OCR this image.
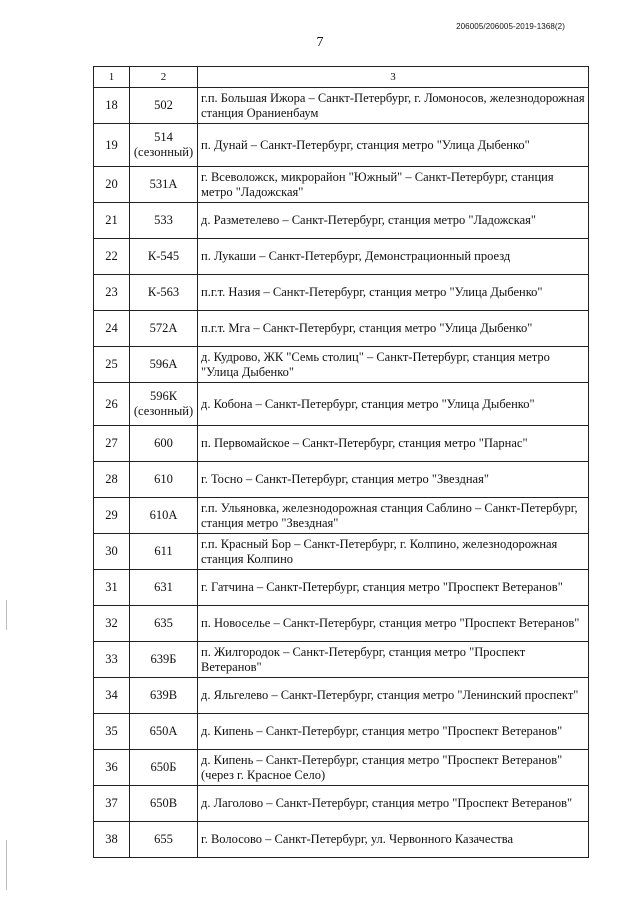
206005/206005-2019-1368(2)
7
1	2	3
18	502	г.п. Большая Ижора – Санкт-Петербург, г. Ломоносов, железнодорожная станция Ораниенбаум
19	514 (сезонный)	п. Дунай – Санкт-Петербург, станция метро "Улица Дыбенко"
20	531А	г. Всеволожск, микрорайон "Южный" – Санкт-Петербург, станция метро "Ладожская"
21	533	д. Разметелево – Санкт-Петербург, станция метро "Ладожская"
22	К-545	п. Лукаши – Санкт-Петербург, Демонстрационный проезд
23	К-563	п.г.т. Назия – Санкт-Петербург, станция метро "Улица Дыбенко"
24	572А	п.г.т. Мга – Санкт-Петербург, станция метро "Улица Дыбенко"
25	596А	д. Кудрово, ЖК "Семь столиц" – Санкт-Петербург, станция метро "Улица Дыбенко"
26	596К (сезонный)	д. Кобона – Санкт-Петербург, станция метро "Улица Дыбенко"
27	600	п. Первомайское – Санкт-Петербург, станция метро "Парнас"
28	610	г. Тосно – Санкт-Петербург, станция метро "Звездная"
29	610А	г.п. Ульяновка, железнодорожная станция Саблино – Санкт-Петербург, станция метро "Звездная"
30	611	г.п. Красный Бор – Санкт-Петербург, г. Колпино, железнодорожная станция Колпино
31	631	г. Гатчина – Санкт-Петербург, станция метро "Проспект Ветеранов"
32	635	п. Новоселье – Санкт-Петербург, станция метро "Проспект Ветеранов"
33	639Б	п. Жилгородок – Санкт-Петербург, станция метро "Проспект Ветеранов"
34	639В	д. Яльгелево – Санкт-Петербург, станция метро "Ленинский проспект"
35	650А	д. Кипень – Санкт-Петербург, станция метро "Проспект Ветеранов"
36	650Б	д. Кипень – Санкт-Петербург, станция метро "Проспект Ветеранов" (через г. Красное Село)
37	650В	д. Лаголово – Санкт-Петербург, станция метро "Проспект Ветеранов"
38	655	г. Волосово – Санкт-Петербург, ул. Червонного Казачества
